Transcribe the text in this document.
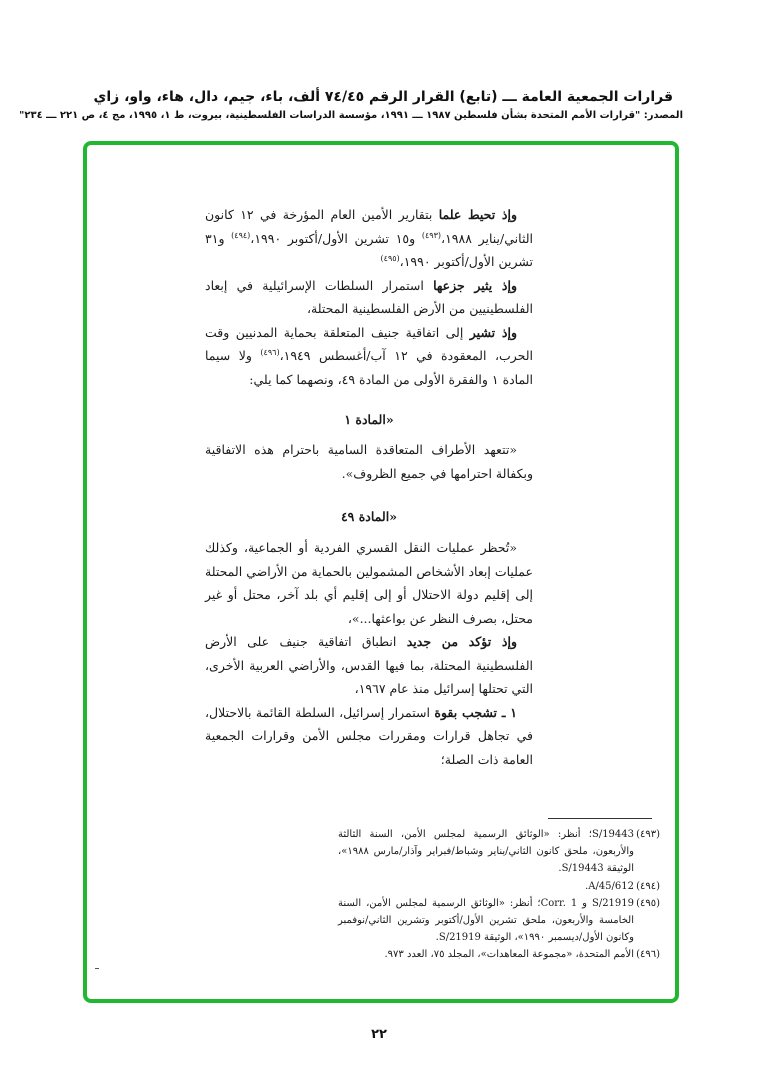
قرارات الجمعية العامة ـــ (تابع) القرار الرقم ٧٤/٤٥ ألف، باء، جيم، دال، هاء، واو، زاي
المصدر: "قرارات الأمم المتحدة بشأن فلسطين ١٩٨٧ ـــ ١٩٩١، مؤسسة الدراسات الفلسطينية، بيروت، ط ١، ١٩٩٥، مج ٤، ص ٢٢١ ـــ ٢٣٤"

وإذ تحيط علما بتقارير الأمين العام المؤرخة في ١٢ كانون الثاني/يناير ١٩٨٨،$^{(٤٩٣)}$ و١٥ تشرين الأول/أكتوبر ١٩٩٠،$^{(٤٩٤)}$ و٣١ تشرين الأول/أكتوبر ١٩٩٠،$^{(٤٩٥)}$

وإذ يثير جزعها استمرار السلطات الإسرائيلية في إبعاد الفلسطينيين من الأرض الفلسطينية المحتلة،

وإذ تشير إلى اتفاقية جنيف المتعلقة بحماية المدنيين وقت الحرب، المعقودة في ١٢ آب/أغسطس ١٩٤٩،$^{(٤٩٦)}$ ولا سيما المادة ١ والفقرة الأولى من المادة ٤٩، ونصهما كما يلي:

«المادة ١

«تتعهد الأطراف المتعاقدة السامية باحترام هذه الاتفاقية وبكفالة احترامها في جميع الظروف».

«المادة ٤٩

«تُحظر عمليات النقل القسري الفردية أو الجماعية، وكذلك عمليات إبعاد الأشخاص المشمولين بالحماية من الأراضي المحتلة إلى إقليم دولة الاحتلال أو إلى إقليم أي بلد آخر، محتل أو غير محتل، بصرف النظر عن بواعثها...»،

وإذ تؤكد من جديد انطباق اتفاقية جنيف على الأرض الفلسطينية المحتلة، بما فيها القدس، والأراضي العربية الأخرى، التي تحتلها إسرائيل منذ عام ١٩٦٧،

١ ـ تشجب بقوة استمرار إسرائيل، السلطة القائمة بالاحتلال، في تجاهل قرارات ومقررات مجلس الأمن وقرارات الجمعية العامة ذات الصلة؛

(٤٩٣)S/19443؛ أنظر: «الوثائق الرسمية لمجلس الأمن، السنة الثالثة والأربعون، ملحق كانون الثاني/يناير وشباط/فبراير وآذار/مارس ١٩٨٨»، الوثيقة S/19443.

(٤٩٤)A/45/612.

(٤٩٥)S/21919 و Corr. 1؛ أنظر: «الوثائق الرسمية لمجلس الأمن، السنة الخامسة والأربعون، ملحق تشرين الأول/أكتوبر وتشرين الثاني/نوفمبر وكانون الأول/ديسمبر ١٩٩٠»، الوثيقة S/21919.

(٤٩٦)الأمم المتحدة، «مجموعة المعاهدات»، المجلد ٧٥، العدد ٩٧٣.

٢٢
